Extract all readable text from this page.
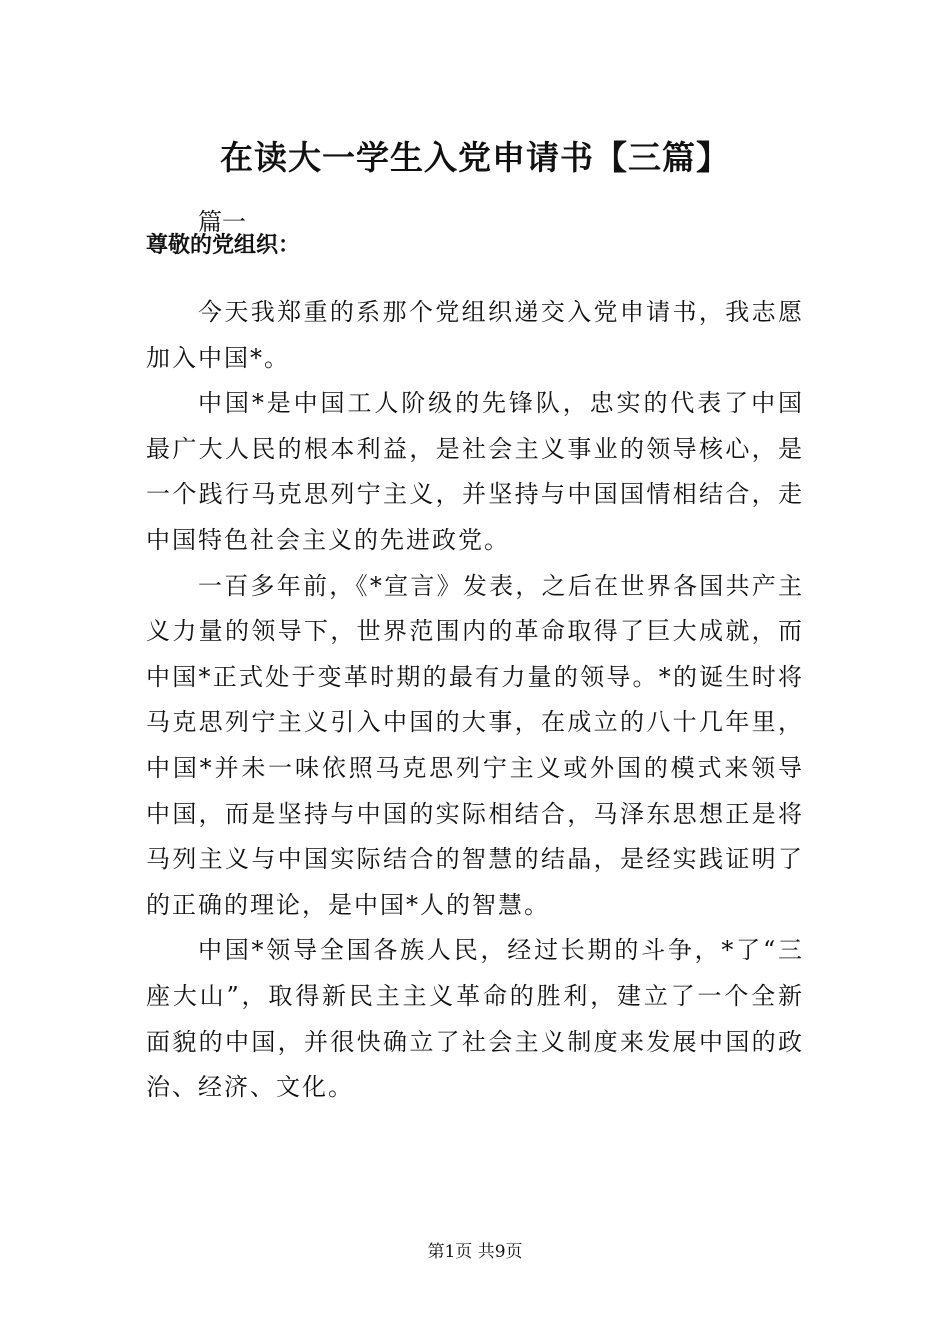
在读大一学生入党申请书【三篇】
篇一
尊敬的党组织：

今天我郑重的系那个党组织递交入党申请书，我志愿加入中国*。

中国*是中国工人阶级的先锋队，忠实的代表了中国最广大人民的根本利益，是社会主义事业的领导核心，是一个践行马克思列宁主义，并坚持与中国国情相结合，走中国特色社会主义的先进政党。

一百多年前，《*宣言》发表，之后在世界各国共产主义力量的领导下，世界范围内的革命取得了巨大成就，而中国*正式处于变革时期的最有力量的领导。*的诞生时将马克思列宁主义引入中国的大事，在成立的八十几年里，中国*并未一味依照马克思列宁主义或外国的模式来领导中国，而是坚持与中国的实际相结合，马泽东思想正是将马列主义与中国实际结合的智慧的结晶，是经实践证明了的正确的理论，是中国*人的智慧。

中国*领导全国各族人民，经过长期的斗争，*了“三座大山”，取得新民主主义革命的胜利，建立了一个全新面貌的中国，并很快确立了社会主义制度来发展中国的政治、经济、文化。

第1页 共9页
